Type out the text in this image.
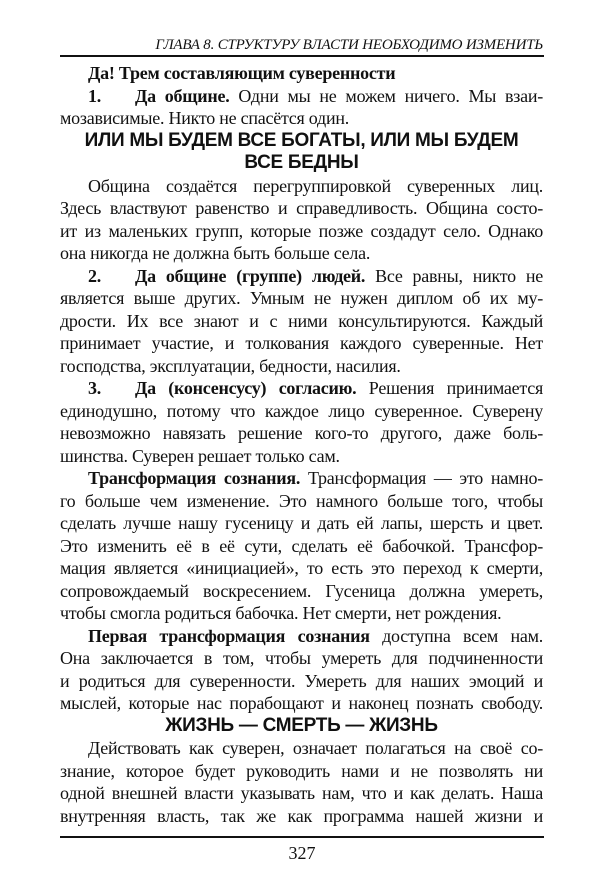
ГЛАВА 8. СТРУКТУРУ ВЛАСТИ НЕОБХОДИМО ИЗМЕНИТЬ
Да! Трем составляющим суверенности
1. Да общине. Одни мы не можем ничего. Мы взаи-
мозависимые. Никто не спасётся один.
ИЛИ МЫ БУДЕМ ВСЕ БОГАТЫ, ИЛИ МЫ БУДЕМ
ВСЕ БЕДНЫ
Община создаётся перегруппировкой суверенных лиц.
Здесь властвуют равенство и справедливость. Община состо-
ит из маленьких групп, которые позже создадут село. Однако
она никогда не должна быть больше села.
2. Да общине (группе) людей. Все равны, никто не
является выше других. Умным не нужен диплом об их му-
дрости. Их все знают и с ними консультируются. Каждый
принимает участие, и толкования каждого суверенные. Нет
господства, эксплуатации, бедности, насилия.
3. Да (консенсусу) согласию. Решения принимается
единодушно, потому что каждое лицо суверенное. Суверену
невозможно навязать решение кого-то другого, даже боль-
шинства. Суверен решает только сам.
Трансформация сознания. Трансформация — это намно-
го больше чем изменение. Это намного больше того, чтобы
сделать лучше нашу гусеницу и дать ей лапы, шерсть и цвет.
Это изменить её в её сути, сделать её бабочкой. Трансфор-
мация является «инициацией», то есть это переход к смерти,
сопровождаемый воскресением. Гусеница должна умереть,
чтобы смогла родиться бабочка. Нет смерти, нет рождения.
Первая трансформация сознания доступна всем нам.
Она заключается в том, чтобы умереть для подчиненности
и родиться для суверенности. Умереть для наших эмоций и
мыслей, которые нас порабощают и наконец познать свободу.
ЖИЗНЬ — СМЕРТЬ — ЖИЗНЬ
Действовать как суверен, означает полагаться на своё со-
знание, которое будет руководить нами и не позволять ни
одной внешней власти указывать нам, что и как делать. Наша
внутренняя власть, так же как программа нашей жизни и
327
